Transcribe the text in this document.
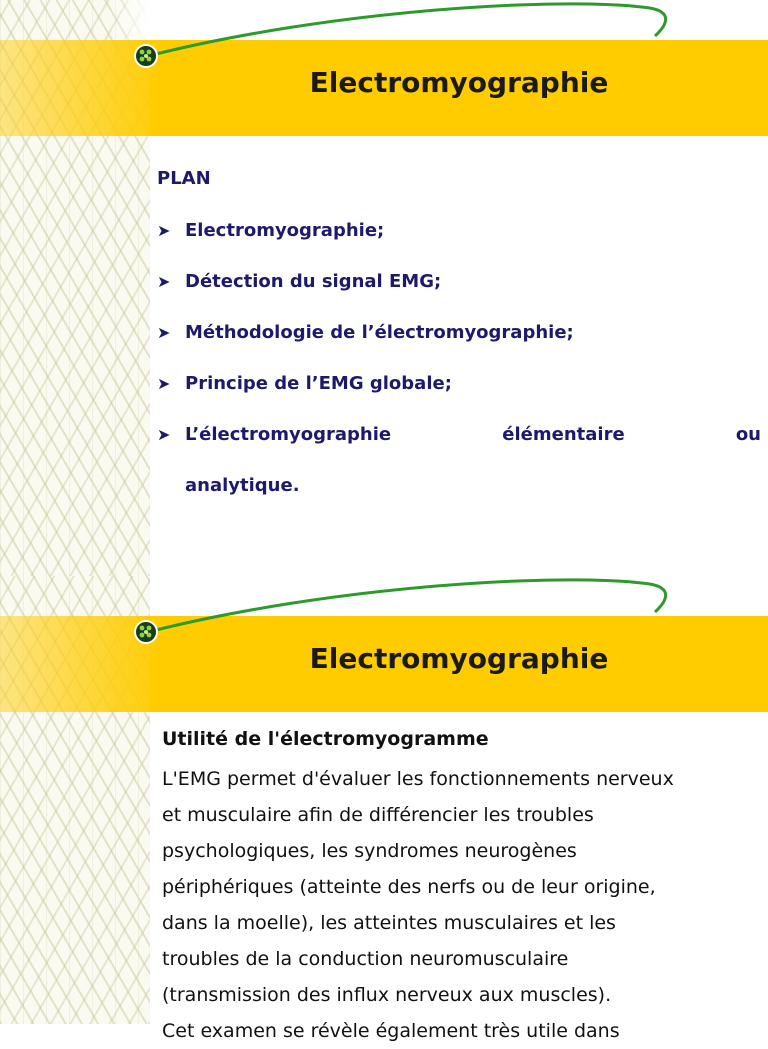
Electromyographie
PLAN
➤ Electromyographie;
➤ Détection du signal EMG;
➤ Méthodologie de l’électromyographie;
➤ Principe de l’EMG globale;
➤ L’électromyographie	élémentaire	ou
analytique.
Electromyographie
Utilité de l'électromyogramme
L'EMG permet d'évaluer les fonctionnements nerveux
et musculaire afin de différencier les troubles
psychologiques, les syndromes neurogènes
périphériques (atteinte des nerfs ou de leur origine,
dans la moelle), les atteintes musculaires et les
troubles de la conduction neuromusculaire
(transmission des influx nerveux aux muscles).
Cet examen se révèle également très utile dans
